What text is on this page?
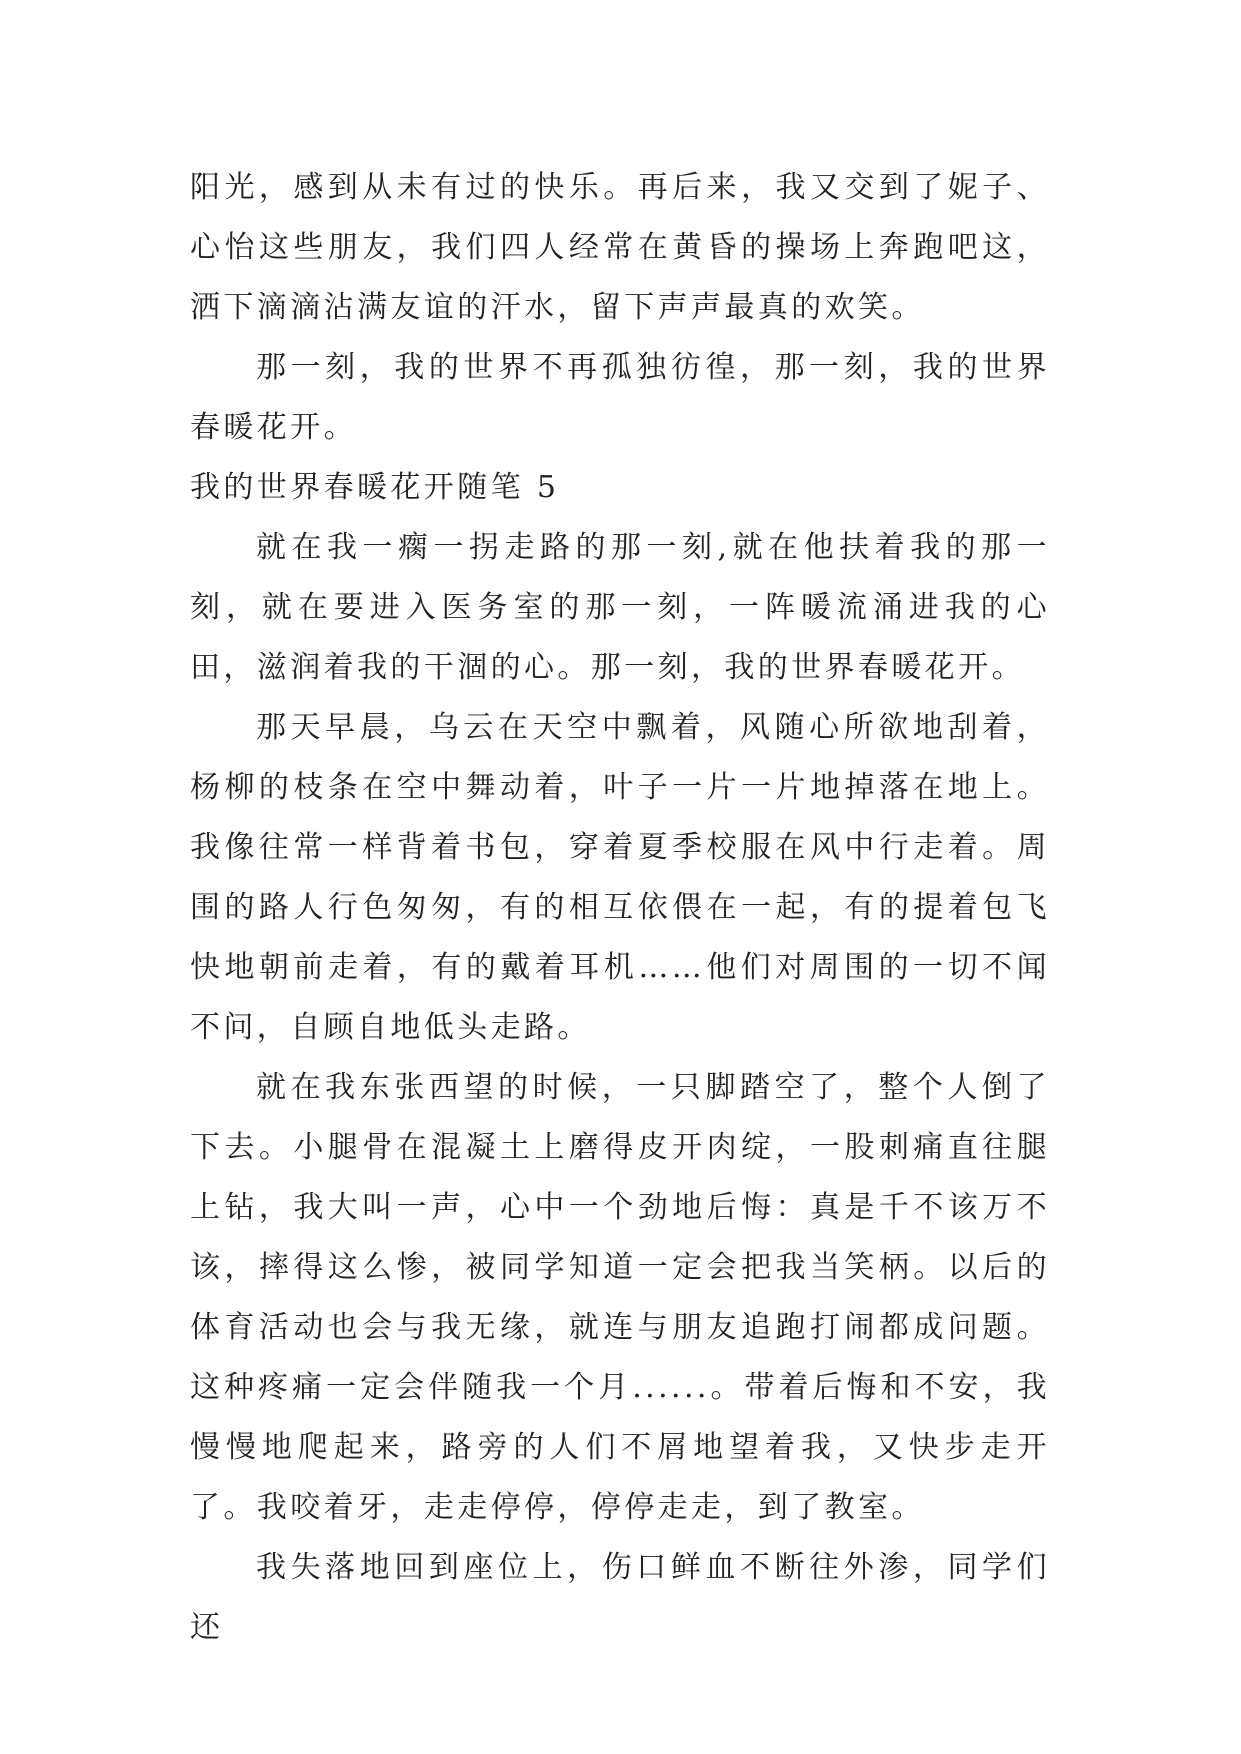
阳光，感到从未有过的快乐。再后来，我又交到了妮子、心怡这些朋友，我们四人经常在黄昏的操场上奔跑吧这，洒下滴滴沾满友谊的汗水，留下声声最真的欢笑。

那一刻，我的世界不再孤独彷徨，那一刻，我的世界春暖花开。

我的世界春暖花开随笔 5

就在我一瘸一拐走路的那一刻,就在他扶着我的那一刻，就在要进入医务室的那一刻，一阵暖流涌进我的心田，滋润着我的干涸的心。那一刻，我的世界春暖花开。

那天早晨，乌云在天空中飘着，风随心所欲地刮着，杨柳的枝条在空中舞动着，叶子一片一片地掉落在地上。我像往常一样背着书包，穿着夏季校服在风中行走着。周围的路人行色匆匆，有的相互依偎在一起，有的提着包飞快地朝前走着，有的戴着耳机……他们对周围的一切不闻不问，自顾自地低头走路。

就在我东张西望的时候，一只脚踏空了，整个人倒了下去。小腿骨在混凝土上磨得皮开肉绽，一股刺痛直往腿上钻，我大叫一声，心中一个劲地后悔：真是千不该万不该，摔得这么惨，被同学知道一定会把我当笑柄。以后的体育活动也会与我无缘，就连与朋友追跑打闹都成问题。这种疼痛一定会伴随我一个月......。带着后悔和不安，我慢慢地爬起来，路旁的人们不屑地望着我，又快步走开了。我咬着牙，走走停停，停停走走，到了教室。

我失落地回到座位上，伤口鲜血不断往外渗，同学们还
